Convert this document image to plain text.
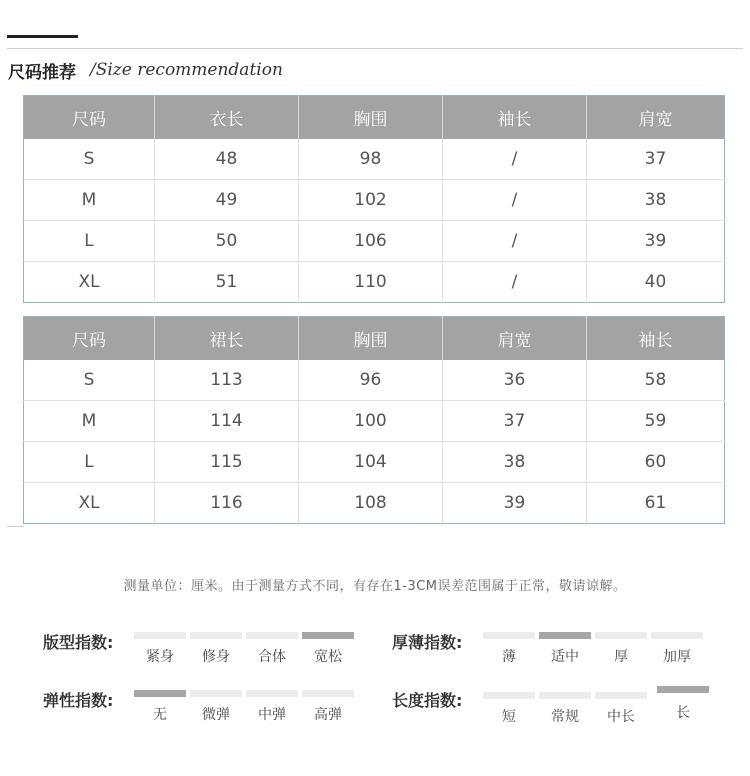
尺码推荐 /Size recommendation
尺码	衣长	胸围	袖长	肩宽
S	48	98	/	37
M	49	102	/	38
L	50	106	/	39
XL	51	110	/	40
尺码	裙长	胸围	肩宽	袖长
S	113	96	36	58
M	114	100	37	59
L	115	104	38	60
XL	116	108	39	61
测量单位：厘米。由于测量方式不同，有存在1-3CM误差范围属于正常，敬请谅解。
版型指数:
紧身	修身	合体	宽松
厚薄指数:
薄	适中	厚	加厚
弹性指数:
无	微弹	中弹	高弹
长度指数:
短	常规	中长	长
